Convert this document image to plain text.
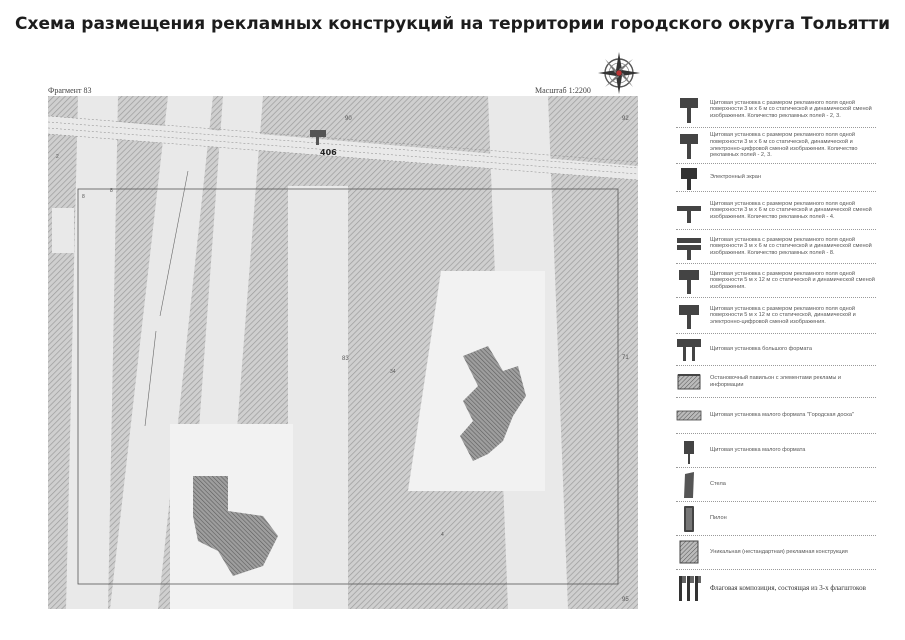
Схема размещения рекламных конструкций на территории городского округа Тольятти
Фрагмент 83	Масштаб 1:2200
406
90	92
83	71
95
8
8
34
2
4
Щитовая установка с размером рекламного поля одной поверхности 3 м х 6 м со статической и динамической сменой изображения. Количество рекламных полей - 2, 3.
Щитовая установка с размером рекламного поля одной поверхности 3 м х 6 м со статической, динамической и электронно-цифровой сменой изображения. Количество рекламных полей - 2, 3.
Электронный экран
Щитовая установка с размером рекламного поля одной поверхности 3 м х 6 м со статической и динамической сменой изображения. Количество рекламных полей - 4.
Щитовая установка с размером рекламного поля одной поверхности 3 м х 6 м со статической и динамической сменой изображения. Количество рекламных полей - 8.
Щитовая установка с размером рекламного поля одной поверхности 5 м х 12 м со статической и динамической сменой изображения.
Щитовая установка с размером рекламного поля одной поверхности 5 м х 12 м со статической, динамической и электронно-цифровой сменой изображения.
Щитовая установка большого формата
Остановочный павильон с элементами рекламы и информации
Щитовая установка малого формата "Городская доска"
Щитовая установка малого формата
Стела
Пилон
Уникальная (нестандартная) рекламная конструкция
Флаговая композиция, состоящая из 3-х флагштоков
